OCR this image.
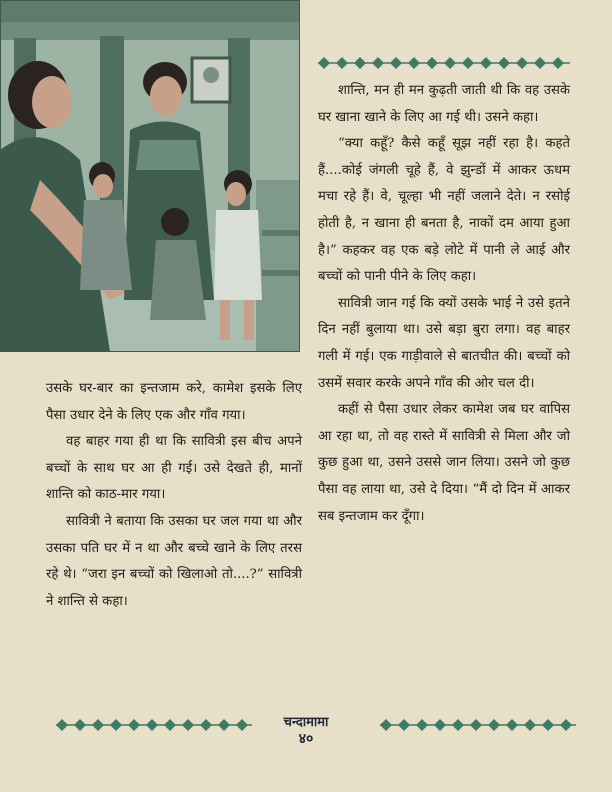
शान्ति, मन ही मन कुढ़ती जाती थी कि वह उसके घर खाना खाने के लिए आ गई थी। उसने कहा।

“क्या कहूँ? कैसे कहूँ सूझ नहीं रहा है। कहते हैं....कोई जंगली चूहे हैं, वे झुन्डों में आकर ऊधम मचा रहे हैं। वे, चूल्हा भी नहीं जलाने देते। न रसोई होती है, न खाना ही बनता है, नाकों दम आया हुआ है।” कहकर वह एक बड़े लोटे में पानी ले आई और बच्चों को पानी पीने के लिए कहा।

सावित्री जान गई कि क्यों उसके भाई ने उसे इतने दिन नहीं बुलाया था। उसे बड़ा बुरा लगा। वह बाहर गली में गई। एक गाड़ीवाले से बातचीत की। बच्चों को उसमें सवार करके अपने गाँव की ओर चल दी।

कहीं से पैसा उधार लेकर कामेश जब घर वापिस आ रहा था, तो वह रास्ते में सावित्री से मिला और जो कुछ हुआ था, उसने उससे जान लिया। उसने जो कुछ पैसा वह लाया था, उसे दे दिया। “मैं दो दिन में आकर सब इन्तजाम कर दूँगा।

उसके घर-बार का इन्तजाम करे, कामेश इसके लिए पैसा उधार देने के लिए एक और गाँव गया।

वह बाहर गया ही था कि सावित्री इस बीच अपने बच्चों के साथ घर आ ही गई। उसे देखते ही, मानों शान्ति को काठ-मार गया।

सावित्री ने बताया कि उसका घर जल गया था और उसका पति घर में न था और बच्चे खाने के लिए तरस रहे थे। “जरा इन बच्चों को खिलाओ तो....?” सावित्री ने शान्ति से कहा।

चन्दामामा
४०
